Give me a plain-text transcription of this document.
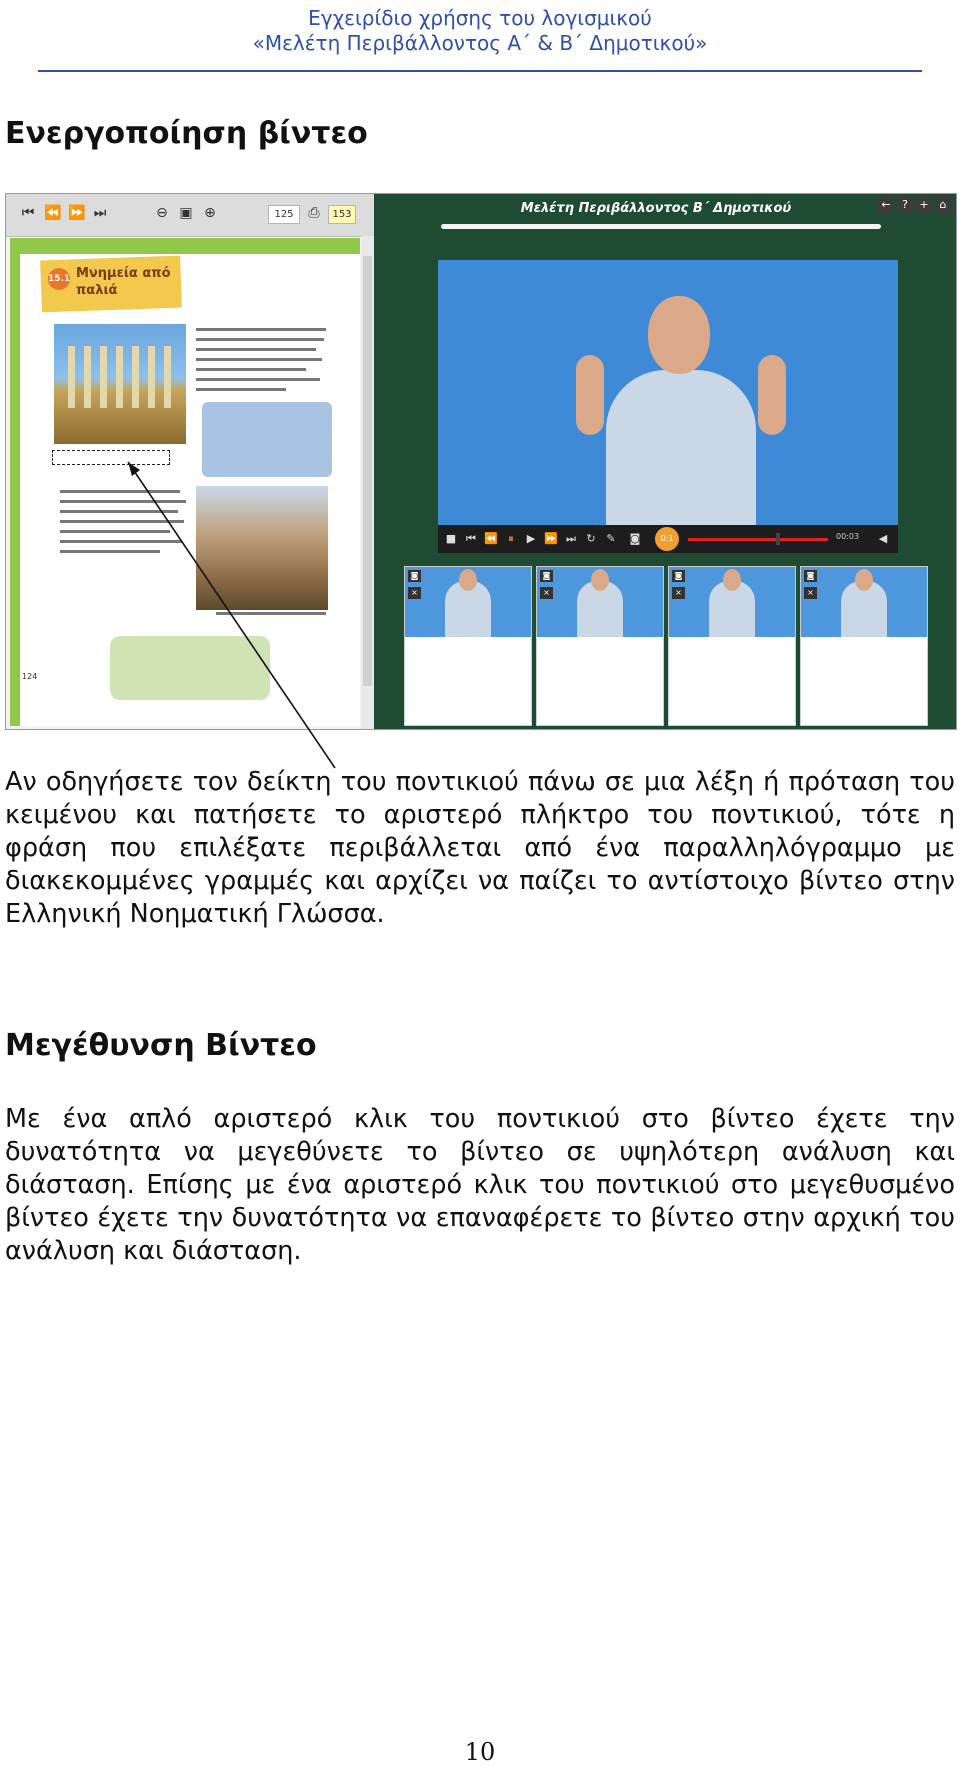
Εγχειρίδιο χρήσης του λογισμικού
«Μελέτη Περιβάλλοντος Α΄ & Β΄ Δημοτικού»
Ενεργοποίηση βίντεο
⏮ ⏪ ⏩ ⏭	⊖ ▣ ⊕	125	⎙	153
15.1 Μνημεία από παλιά
124
Μελέτη Περιβάλλοντος Β΄ Δημοτικού	←	?	+ ⌂
■ ⏮ ⏪ ⏸	▶ ⏩ ⏭ ↻ ✎ ◙	0:1	00:03 ◀
◙
×
◙
×
◙
×
◙
×
Αν οδηγήσετε τον δείκτη του ποντικιού πάνω σε μια λέξη ή πρόταση του κειμένου και πατήσετε το αριστερό πλήκτρο του ποντικιού, τότε η φράση που επιλέξατε περιβάλλεται από ένα παραλληλόγραμμο με διακεκομμένες γραμμές και αρχίζει να παίζει το αντίστοιχο βίντεο στην Ελληνική Νοηματική Γλώσσα.
Μεγέθυνση Βίντεο
Με ένα απλό αριστερό κλικ του ποντικιού στο βίντεο έχετε την δυνατότητα να μεγεθύνετε το βίντεο σε υψηλότερη ανάλυση και διάσταση. Επίσης με ένα αριστερό κλικ του ποντικιού στο μεγεθυσμένο βίντεο έχετε την δυνατότητα να επαναφέρετε το βίντεο στην αρχική του ανάλυση και διάσταση.
10
